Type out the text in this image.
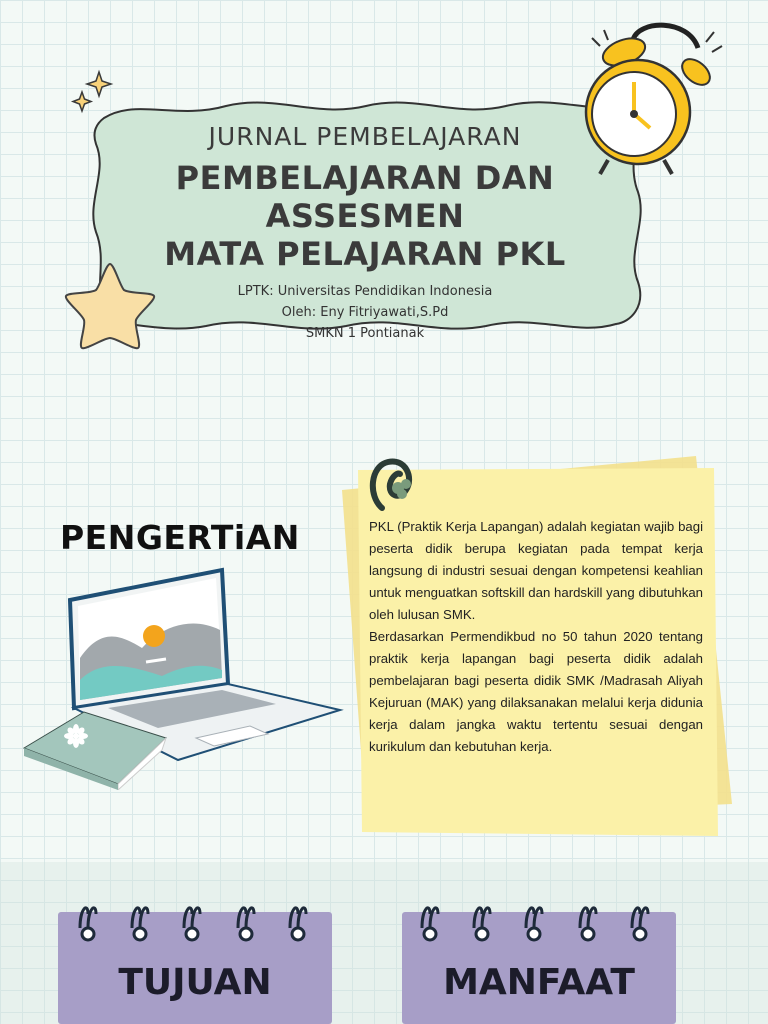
JURNAL PEMBELAJARAN
PEMBELAJARAN DAN ASSESMEN
MATA PELAJARAN PKL
LPTK: Universitas Pendidikan Indonesia
Oleh: Eny Fitriyawati,S.Pd
SMKN 1 Pontianak

PKL (Praktik Kerja Lapangan) adalah kegiatan wajib bagi peserta didik berupa kegiatan pada tempat kerja langsung di industri sesuai dengan kompetensi keahlian untuk menguatkan softskill dan hardskill yang dibutuhkan oleh lulusan SMK.

Berdasarkan Permendikbud no 50 tahun 2020 tentang praktik kerja lapangan bagi peserta didik adalah pembelajaran bagi peserta didik SMK /Madrasah Aliyah Kejuruan (MAK) yang dilaksanakan melalui kerja didunia kerja dalam jangka waktu tertentu sesuai dengan kurikulum dan kebutuhan kerja.

PENGERTiAN
TUJUAN	MANFAAT
